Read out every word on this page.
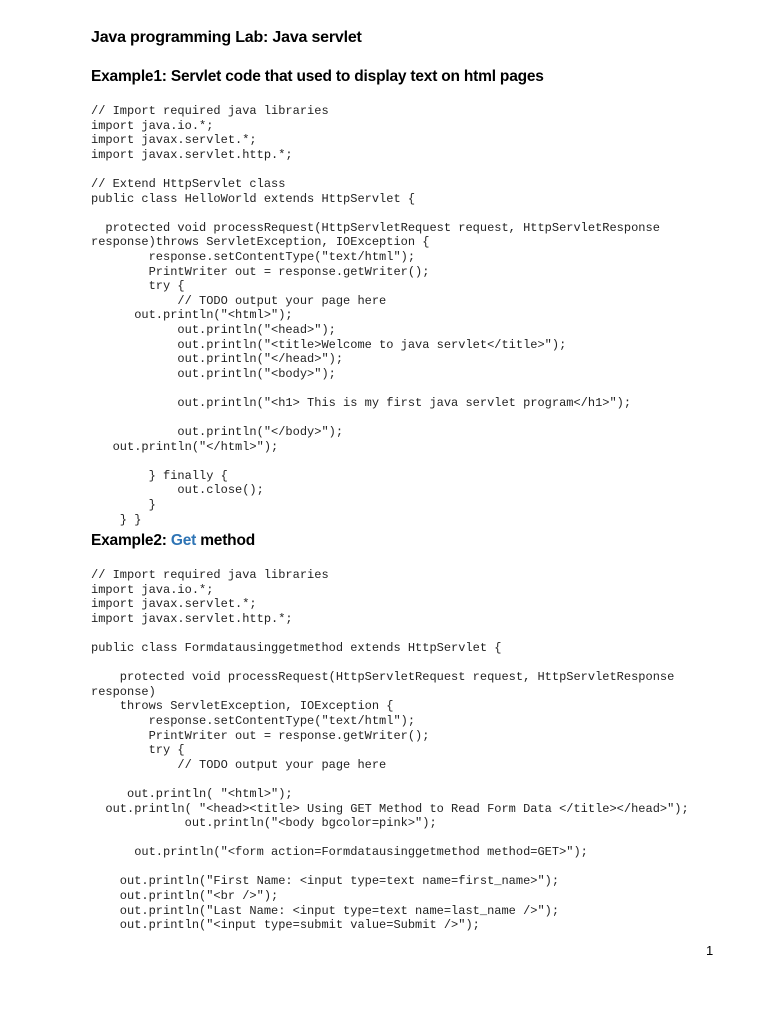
Java programming Lab: Java servlet
Example1: Servlet code that used to display text on html pages
// Import required java libraries
import java.io.*;
import javax.servlet.*;
import javax.servlet.http.*;

// Extend HttpServlet class
public class HelloWorld extends HttpServlet {

protected void processRequest(HttpServletRequest request, HttpServletResponse
response)throws ServletException, IOException {
response.setContentType("text/html");
PrintWriter out = response.getWriter();
try {
// TODO output your page here
out.println("<html>");
out.println("<head>");
out.println("<title>Welcome to java servlet</title>");
out.println("</head>");
out.println("<body>");

out.println("<h1> This is my first java servlet program</h1>");

out.println("</body>");
out.println("</html>");

} finally {
out.close();
}
} }
Example2: Get method
// Import required java libraries
import java.io.*;
import javax.servlet.*;
import javax.servlet.http.*;

public class Formdatausinggetmethod extends HttpServlet {

protected void processRequest(HttpServletRequest request, HttpServletResponse
response)
throws ServletException, IOException {
response.setContentType("text/html");
PrintWriter out = response.getWriter();
try {
// TODO output your page here

out.println( "<html>");
out.println( "<head><title> Using GET Method to Read Form Data </title></head>");
out.println("<body bgcolor=pink>");

out.println("<form action=Formdatausinggetmethod method=GET>");

out.println("First Name: <input type=text name=first_name>");
out.println("<br />");
out.println("Last Name: <input type=text name=last_name />");
out.println("<input type=submit value=Submit />");
1
